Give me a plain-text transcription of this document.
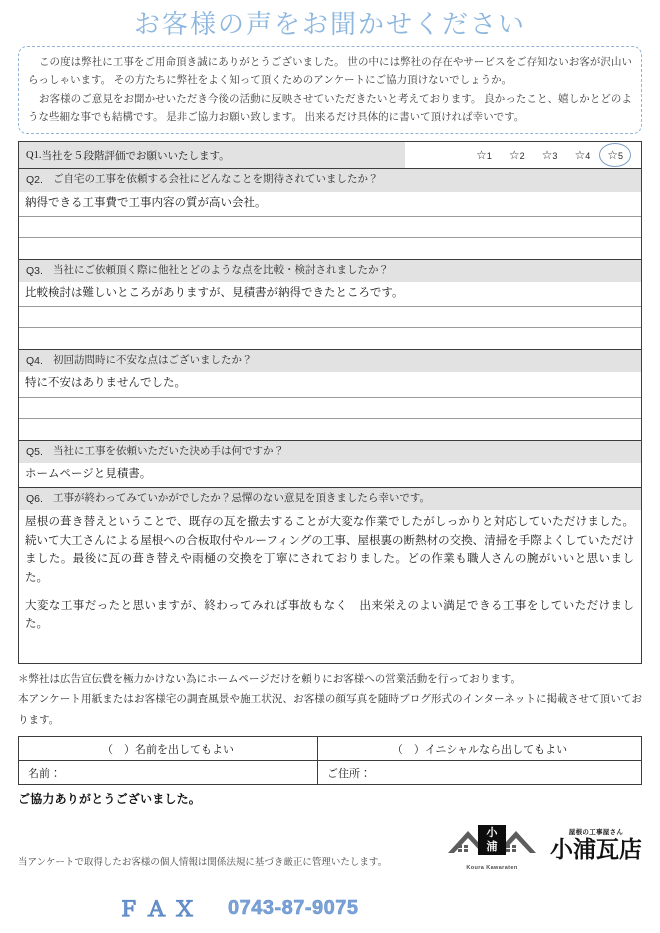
お客様の声をお聞かせください

この度は弊社に工事をご用命頂き誠にありがとうございました。 世の中には弊社の存在やサービスをご存知ないお客が沢山いらっしゃいます。 その方たちに弊社をよく知って頂くためのアンケートにご協力頂けないでしょうか。

お客様のご意見をお聞かせいただき今後の活動に反映させていただきたいと考えております。 良かったこと、嬉しかとどのような些細な事でも結構です。 是非ご協力お願い致します。 出来るだけ具体的に書いて頂ければ幸いです。

Q1. 当社を５段階評価でお願いいたします。	☆1 ☆2 ☆3 ☆4 ☆5
Q2. ご自宅の工事を依頼する会社にどんなことを期待されていましたか？
納得できる工事費で工事内容の質が高い会社。
Q3. 当社にご依頼頂く際に他社とどのような点を比較・検討されましたか？
比較検討は難しいところがありますが、見積書が納得できたところです。
Q4. 初回訪問時に不安な点はございましたか？
特に不安はありませんでした。
Q5. 当社に工事を依頼いただいた決め手は何ですか？
ホームページと見積書。
Q6. 工事が終わってみていかがでしたか？忌憚のない意見を頂きましたら幸いです。

屋根の葺き替えということで、既存の瓦を撤去することが大変な作業でしたがしっかりと対応していただけました。続いて大工さんによる屋根への合板取付やルーフィングの工事、屋根裏の断熱材の交換、清掃を手際よくしていただけました。最後に瓦の葺き替えや雨樋の交換を丁寧にされておりました。どの作業も職人さんの腕がいいと思いました。

大変な工事だったと思いますが、終わってみれば事故もなく　出来栄えのよい満足できる工事をしていただけました。

＊弊社は広告宣伝費を極力かけない為にホームページだけを頼りにお客様への営業活動を行っております。

本アンケート用紙またはお客様宅の調査風景や施工状況、お客様の顔写真を随時ブログ形式のインターネットに掲載させて頂いております。

（　）名前を出してもよい	（　）イニシャルなら出してもよい
名前：	ご住所：
ご協力ありがとうございました。
当アンケートで取得したお客様の個人情報は関係法規に基づき厳正に管理いたします。
小
浦
Koura Kawaraten
屋根の工事屋さん
小浦瓦店
ＦＡＸ 0743-87-9075
